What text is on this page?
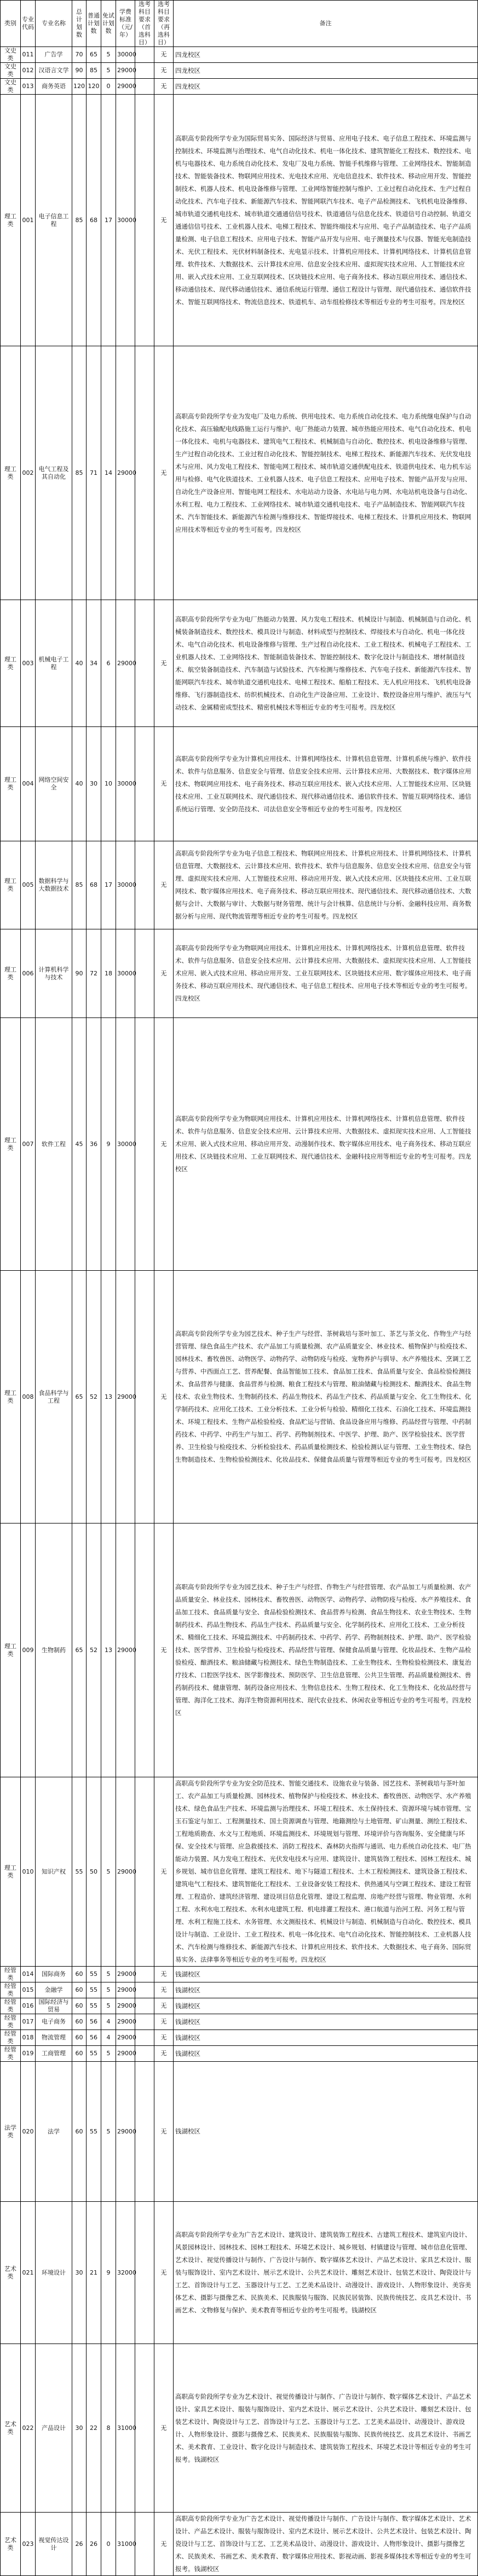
类别	专业代码	专业名称	总计划数	普通计划数	免试计划数	学费标准（元/年）	选考科目要求（首选科目）	选考科目要求（再选科目）	备注
文史类	011	广告学	70	65	5	30000		无	四龙校区
文史类	012	汉语言文学	90	85	5	29000		无	四龙校区
文史类	013	商务英语	120	120	0	29000		无	四龙校区
理工类	001	电子信息工程	85	68	17	30000		无	高职高专阶段所学专业为国际贸易实务、国际经济与贸易、应用电子技术、电子信息工程技术、环境监测与控制技术、环境监测与治理技术、电气自动化技术、机电一体化技术、建筑智能化工程技术、数控技术、电机与电器技术、电力系统自动化技术、发电厂及电力系统、智能手机维修与管理、工业网络技术、智能制造技术、智能装备技术、物联网应用技术、光电技术应用、光电信息技术、软件技术、移动应用开发、智能控制技术、机器人技术、机电设备维修与管理、工业网络智能控制与维护、工业过程自动化技术、生产过程自动化技术、汽车电子技术、新能源汽车技术、智能网联汽车技术、电子产品检测技术、飞机机电设备维修、城市轨道交通机电技术、城市轨道交通通信信号技术、铁道通信与信息化技术、铁道信号自动控制、轨道交通通信信号技术、工业机器人技术、电梯工程技术、智能终端技术与应用、电子产品制造技术、电子产品质量检测、电子信息工程技术、应用电子技术、智能产品开发与应用、电子测量技术与仪器、智能光电制造技术、光伏工程技术、光伏材料制备技术、光电显示技术、计算机应用技术、计算机网络技术、计算机信息管理、软件技术、大数据技术、云计算技术应用、信息安全技术应用、虚拟现实技术应用、人工智能技术应用、嵌入式技术应用、工业互联网技术、区块链技术应用、电子商务技术、移动互联应用技术、通信技术、移动通信技术、现代移动通信技术、通信系统运行管理、通信工程设计与管理、现代通信技术、通信软件技术、智能互联网络技术、物流信息技术、铁道机车、动车组检修技术等相近专业的考生可报考。四龙校区
理工类	002	电气工程及其自动化	85	71	14	29000		无	高职高专阶段所学专业为发电厂及电力系统、供用电技术、电力系统自动化技术、电力系统继电保护与自动化技术、高压输配电线路施工运行与维护、电厂热能动力装置、城市热能应用技术、电气自动化技术、机电一体化技术、电机与电器技术、建筑电气工程技术、机械制造与自动化、数控技术、机电设备维修与管理、生产过程自动化技术、工业过程自动化技术、智能控制技术、电梯工程技术、新能源汽车技术、光伏发电技术与应用、风力发电工程技术、智能电网工程技术、城市轨道交通供配电技术、铁道供电技术、电力机车运用与检修、电气化铁道技术、工业机器人技术、电子信息工程技术、应用电子技术、智能产品开发与应用、自动化生产设备应用、智能电网工程技术、水电站动力设备、水电站与电力网、水电站机电设备与自动化、水利工程、电力工程技术、工业网络技术、城市轨道交通机电技术、电子产品制造技术、智能网联汽车技术、汽车智能技术、新能源汽车检测与维修技术、智能焊接技术、电梯工程技术、计算机应用技术、物联网应用技术等相近专业的考生可报考。四龙校区
理工类	003	机械电子工程	40	34	6	29000		无	高职高专阶段所学专业为电厂热能动力装置、风力发电工程技术、机械设计与制造、机械制造与自动化、机械装备制造技术、数控技术、模具设计与制造、材料成型与控制技术、焊接技术与自动化、机电一体化技术、电气自动化技术、机电设备维修与管理、生产过程自动化技术、工业工程技术、机械电子工程技术、工业机器人技术、工业网络技术、智能制造装备技术、智能控制技术、数字化设计与制造技术、增材制造技术、航空装备制造技术、汽车制造与试验技术、汽车检测与维修技术、汽车电子技术、新能源汽车技术、智能网联汽车技术、城市轨道交通机电技术、电梯工程技术、船舶工程技术、无人机应用技术、飞机机电设备维修、飞行器制造技术、纺织机械技术、自动化生产设备应用、工业设计、数控设备应用与维护、液压与气动技术、金属精密成型技术、精密机械技术等相近专业的考生可报考。四龙校区
理工类	004	网络空间安全	40	30	10	30000		无	高职高专阶段所学专业为计算机应用技术、计算机网络技术、计算机信息管理、计算机系统与维护、软件技术、软件与信息服务、信息安全与管理、信息安全技术应用、云计算技术应用、大数据技术、数字媒体应用技术、物联网应用技术、电子商务技术、移动互联应用技术、嵌入式技术应用、人工智能技术应用、区块链技术应用、工业互联网技术、现代通信技术、现代移动通信技术、通信软件技术、智能互联网络技术、通信系统运行管理、安全防范技术、司法信息安全等相近专业的考生可报考。四龙校区
理工类	005	数据科学与大数据技术	85	68	17	30000		无	高职高专阶段所学专业为电子信息工程技术、物联网应用技术、计算机应用技术、计算机网络技术、计算机信息管理、大数据技术、云计算技术应用、软件技术、软件与信息服务、信息安全技术应用、信息安全与管理、虚拟现实技术应用、人工智能技术应用、移动应用开发、嵌入式技术应用、区块链技术应用、工业互联网技术、数字媒体应用技术、电子商务技术、移动互联应用技术、现代通信技术、现代移动通信技术、大数据与会计、大数据与审计、大数据与财务管理、统计与会计核算、信息统计与分析、金融科技应用、商务数据分析与应用、现代物流管理等相近专业的考生可报考。四龙校区
理工类	006	计算机科学与技术	90	72	18	30000		无	高职高专阶段所学专业为物联网应用技术、计算机应用技术、计算机网络技术、计算机信息管理、软件技术、软件与信息服务、信息安全技术应用、云计算技术应用、大数据技术、虚拟现实技术应用、人工智能技术应用、嵌入式技术应用、移动应用开发、工业互联网技术、区块链技术应用、数字媒体应用技术、电子商务技术、移动互联应用技术、现代通信技术、电子信息工程技术、应用电子技术等相近专业的考生可报考。四龙校区
理工类	007	软件工程	45	36	9	30000		无	高职高专阶段所学专业为物联网应用技术、计算机应用技术、计算机网络技术、计算机信息管理、软件技术、软件与信息服务、信息安全技术应用、云计算技术应用、大数据技术、虚拟现实技术应用、人工智能技术应用、嵌入式技术应用、移动应用开发、动漫制作技术、数字媒体应用技术、电子商务技术、移动互联应用技术、区块链技术应用、工业互联网技术、现代通信技术、金融科技应用等相近专业的考生可报考。四龙校区
理工类	008	食品科学与工程	65	52	13	29000		无	高职高专阶段所学专业为园艺技术、种子生产与经营、茶树栽培与茶叶加工、茶艺与茶文化、作物生产与经营管理、绿色食品生产技术、农产品加工与质量检测、农产品质量安全、林业技术、植物保护与检疫技术、园林技术、畜牧兽医、动物医学、动物药学、动物防疫与检疫、宠物养护与驯导、水产养殖技术、烹调工艺与营养、中西面点工艺、营养配餐、食品智能加工技术、食品加工技术、食品质量与安全、食品检验检测技术、食品营养与健康、食品营养与检测、粮食工程技术与管理、粮油储藏与检测技术、酿酒技术、食品生物技术、农业生物技术、生物制药技术、药品生物技术、药品生产技术、药品质量与安全、化工生物技术、化学制药技术、应用化工技术、工业分析技术、工业分析与检验、精细化工技术、石油化工技术、环境监测技术、环境工程技术、生物产品检验检疫、食品贮运与营销、食品设备应用与维修、药品经营与管理、中药制药技术、中药学、中药生产与加工、药学、药物制剂技术、中医学、护理、助产、医学检验技术、医学营养、卫生检验与检疫技术、分析检验技术、药品质量检测技术、检验检测认证与管理、工业生物技术、绿色生物制造技术、生物检验检测技术、化妆品技术、保健食品质量与管理等相近专业的考生可报考。四龙校区
理工类	009	生物制药	65	52	13	29000		无	高职高专阶段所学专业为园艺技术、种子生产与经营、作物生产与经营管理、农产品加工与质量检测、农产品质量安全、林业技术、园林技术、畜牧兽医、动物医学、动物药学、动物防疫与检疫、水产养殖技术、食品加工技术、食品质量与安全、食品检验检测技术、食品营养与检测、食品生物技术、农业生物技术、生物制药技术、药品生物技术、药品生产技术、药品质量与安全、化学制药技术、应用化工技术、工业分析技术、精细化工技术、环境监测技术、中药制药技术、中药学、药学、药物制剂技术、护理、助产、医学检验技术、医学营养、卫生检验与检疫技术、药品经营与管理、保健食品质量与管理、化妆品技术、生物产品检验检疫、酿酒技术、粮油储藏与检测技术、绿色生物制造技术、工业生物技术、生物检验检测技术、康复治疗技术、口腔医学技术、医学影像技术、预防医学、卫生信息管理、公共卫生管理、药品质量检测技术、兽药制药技术、健康管理、制药设备应用技术、生物信息技术、生物工程技术、化工生物技术、化妆品经营与管理、海洋化工技术、海洋生物资源利用技术、现代农业技术、休闲农业等相近专业的考生可报考。四龙校区
理工类	010	知识产权	55	50	5	29000		无	高职高专阶段所学专业为安全防范技术、智能交通技术、设施农业与装备、园艺技术、茶树栽培与茶叶加工、农产品加工与质量检测、园林技术、植物保护与检疫技术、林业技术、畜牧兽医、动物医学、水产养殖技术、绿色食品生产技术、环境监测与治理技术、环境工程技术、水土保持技术、资源环境与城市管理、宝玉石鉴定与加工、工程测量技术、国土资源调查与管理、地籍测绘与土地管理、矿山测量、测绘工程技术、工程地质勘查、水文与工程地质、环境监测技术、环境规划与管理、环境评价与咨询服务、安全健康与环保、安全技术与管理、应急救援技术、消防工程技术、森林防火指挥与通讯、电力系统自动化技术、电厂热能动力装置、风力发电工程技术、光伏发电技术与应用、建筑设计、建筑装饰工程技术、园林工程技术、城乡规划、城市信息化管理、建筑工程技术、地下与隧道工程技术、土木工程检测技术、建筑设备工程技术、建筑电气工程技术、建筑智能化工程技术、工业设备安装工程技术、供热通风与空调工程技术、建设工程管理、工程造价、建筑经济管理、建设项目信息化管理、建设工程监理、房地产经营与管理、物业管理、水利工程、水利水电工程技术、水利水电建筑工程、机电排灌工程技术、港口航道与治河工程、河务工程与管理、水利工程施工技术、水务管理、水文测报技术、机械设计与制造、机械制造与自动化、数控技术、模具设计与制造、工业设计、工业工程技术、机电一体化技术、电气自动化技术、智能控制技术、工业机器人技术、汽车检测与维修技术、新能源汽车技术、计算机应用技术、软件技术、大数据技术、电子商务、国际贸易实务、法律事务等相近专业的考生可报考。四龙校区
经管类	014	国际商务	60	55	5	29000		无	钱湖校区
经管类	015	金融学	60	55	5	29000		无	钱湖校区
经管类	016	国际经济与贸易	60	55	5	29000		无	钱湖校区
经管类	017	电子商务	60	56	4	29000		无	钱湖校区
经管类	018	物流管理	60	56	4	29000		无	钱湖校区
经管类	019	工商管理	60	55	5	29000		无	钱湖校区
法学类	020	法学	60	55	5	29000		无	钱湖校区
艺术类	021	环境设计	30	21	9	32000		无	高职高专阶段所学专业为广告艺术设计、建筑设计、建筑装饰工程技术、古建筑工程技术、建筑室内设计、风景园林设计、园林技术、园林工程技术、环境艺术设计、城乡规划、村镇建设与管理、城市信息化管理、艺术设计、视觉传播设计与制作、广告设计与制作、数字媒体艺术设计、产品艺术设计、家具艺术设计、服装与服饰设计、室内艺术设计、展示艺术设计、公共艺术设计、雕刻艺术设计、包装艺术设计、陶瓷设计与工艺、首饰设计与工艺、玉器设计与工艺、工艺美术品设计、动漫设计、游戏设计、人物形象设计、美容美体艺术、摄影与摄像艺术、民族美术、民族服装与服饰、民族民居装饰、民族传统技艺、皮具艺术设计、书画艺术、文物修复与保护、美术教育等相近专业的考生可报考。钱湖校区
艺术类	022	产品设计	30	22	8	31000		无	高职高专阶段所学专业为艺术设计、视觉传播设计与制作、广告设计与制作、数字媒体艺术设计、产品艺术设计、家具艺术设计、服装与服饰设计、室内艺术设计、展示艺术设计、公共艺术设计、雕刻艺术设计、包装艺术设计、陶瓷设计与工艺、首饰设计与工艺、玉器设计与工艺、工艺美术品设计、动漫设计、游戏设计、人物形象设计、摄影与摄像艺术、民族美术、民族服装与服饰、民族传统技艺、皮具艺术设计、书画艺术、美术教育、工业设计、数字化设计与制造技术、建筑装饰工程技术、环境艺术设计等相近专业的考生可报考。钱湖校区
艺术类	023	视觉传达设计	26	26	0	31000		无	高职高专阶段所学专业为广告艺术设计、视觉传播设计与制作、广告设计与制作、数字媒体艺术设计、艺术设计、产品艺术设计、服装与服饰设计、室内艺术设计、展示艺术设计、公共艺术设计、包装艺术设计、陶瓷设计与工艺、首饰设计与工艺、工艺美术品设计、动漫设计、游戏设计、人物形象设计、摄影与摄像艺术、民族美术、书画艺术、美术教育、数字媒体应用技术、影视动画、影视多媒体技术等相近专业的考生可报考。钱湖校区
